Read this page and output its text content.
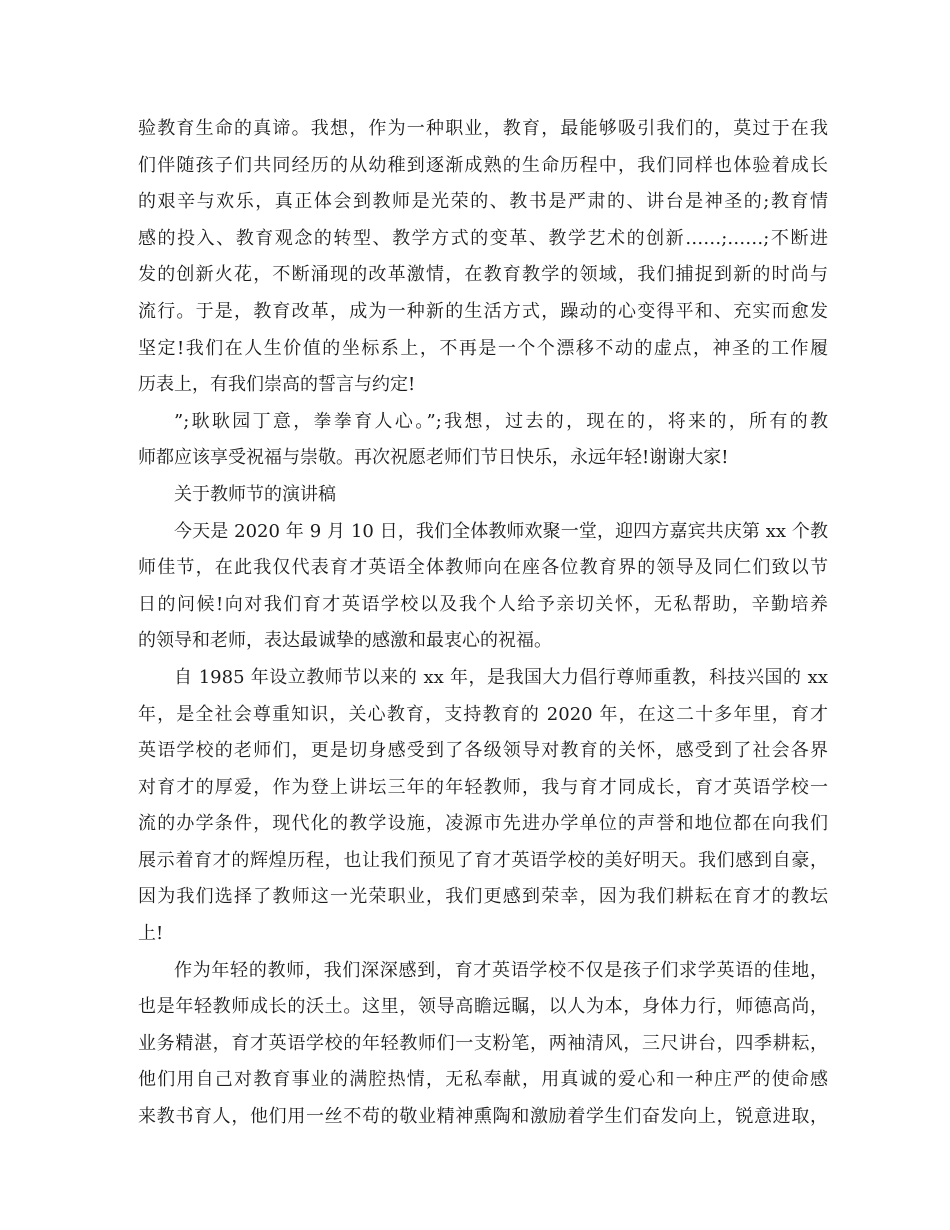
验教育生命的真谛。我想，作为一种职业，教育，最能够吸引我们的，莫过于在我
们伴随孩子们共同经历的从幼稚到逐渐成熟的生命历程中，我们同样也体验着成长
的艰辛与欢乐，真正体会到教师是光荣的、教书是严肃的、讲台是神圣的;教育情
感的投入、教育观念的转型、教学方式的变革、教学艺术的创新……;……;不断进
发的创新火花，不断涌现的改革激情，在教育教学的领域，我们捕捉到新的时尚与
流行。于是，教育改革，成为一种新的生活方式，躁动的心变得平和、充实而愈发
坚定!我们在人生价值的坐标系上，不再是一个个漂移不动的虚点，神圣的工作履
历表上，有我们崇高的誓言与约定!
”;耿耿园丁意，拳拳育人心。”;我想，过去的，现在的，将来的，所有的教
师都应该享受祝福与崇敬。再次祝愿老师们节日快乐，永远年轻!谢谢大家!
关于教师节的演讲稿
今天是 2020 年 9 月 10 日，我们全体教师欢聚一堂，迎四方嘉宾共庆第 xx 个教
师佳节，在此我仅代表育才英语全体教师向在座各位教育界的领导及同仁们致以节
日的问候!向对我们育才英语学校以及我个人给予亲切关怀，无私帮助，辛勤培养
的领导和老师，表达最诚挚的感激和最衷心的祝福。
自 1985 年设立教师节以来的 xx 年，是我国大力倡行尊师重教，科技兴国的 xx
年，是全社会尊重知识，关心教育，支持教育的 2020 年，在这二十多年里，育才
英语学校的老师们，更是切身感受到了各级领导对教育的关怀，感受到了社会各界
对育才的厚爱，作为登上讲坛三年的年轻教师，我与育才同成长，育才英语学校一
流的办学条件，现代化的教学设施，凌源市先进办学单位的声誉和地位都在向我们
展示着育才的辉煌历程，也让我们预见了育才英语学校的美好明天。我们感到自豪，
因为我们选择了教师这一光荣职业，我们更感到荣幸，因为我们耕耘在育才的教坛
上!
作为年轻的教师，我们深深感到，育才英语学校不仅是孩子们求学英语的佳地，
也是年轻教师成长的沃土。这里，领导高瞻远瞩，以人为本，身体力行，师德高尚，
业务精湛，育才英语学校的年轻教师们一支粉笔，两袖清风，三尺讲台，四季耕耘，
他们用自己对教育事业的满腔热情，无私奉献，用真诚的爱心和一种庄严的使命感
来教书育人，他们用一丝不苟的敬业精神熏陶和激励着学生们奋发向上，锐意进取，
